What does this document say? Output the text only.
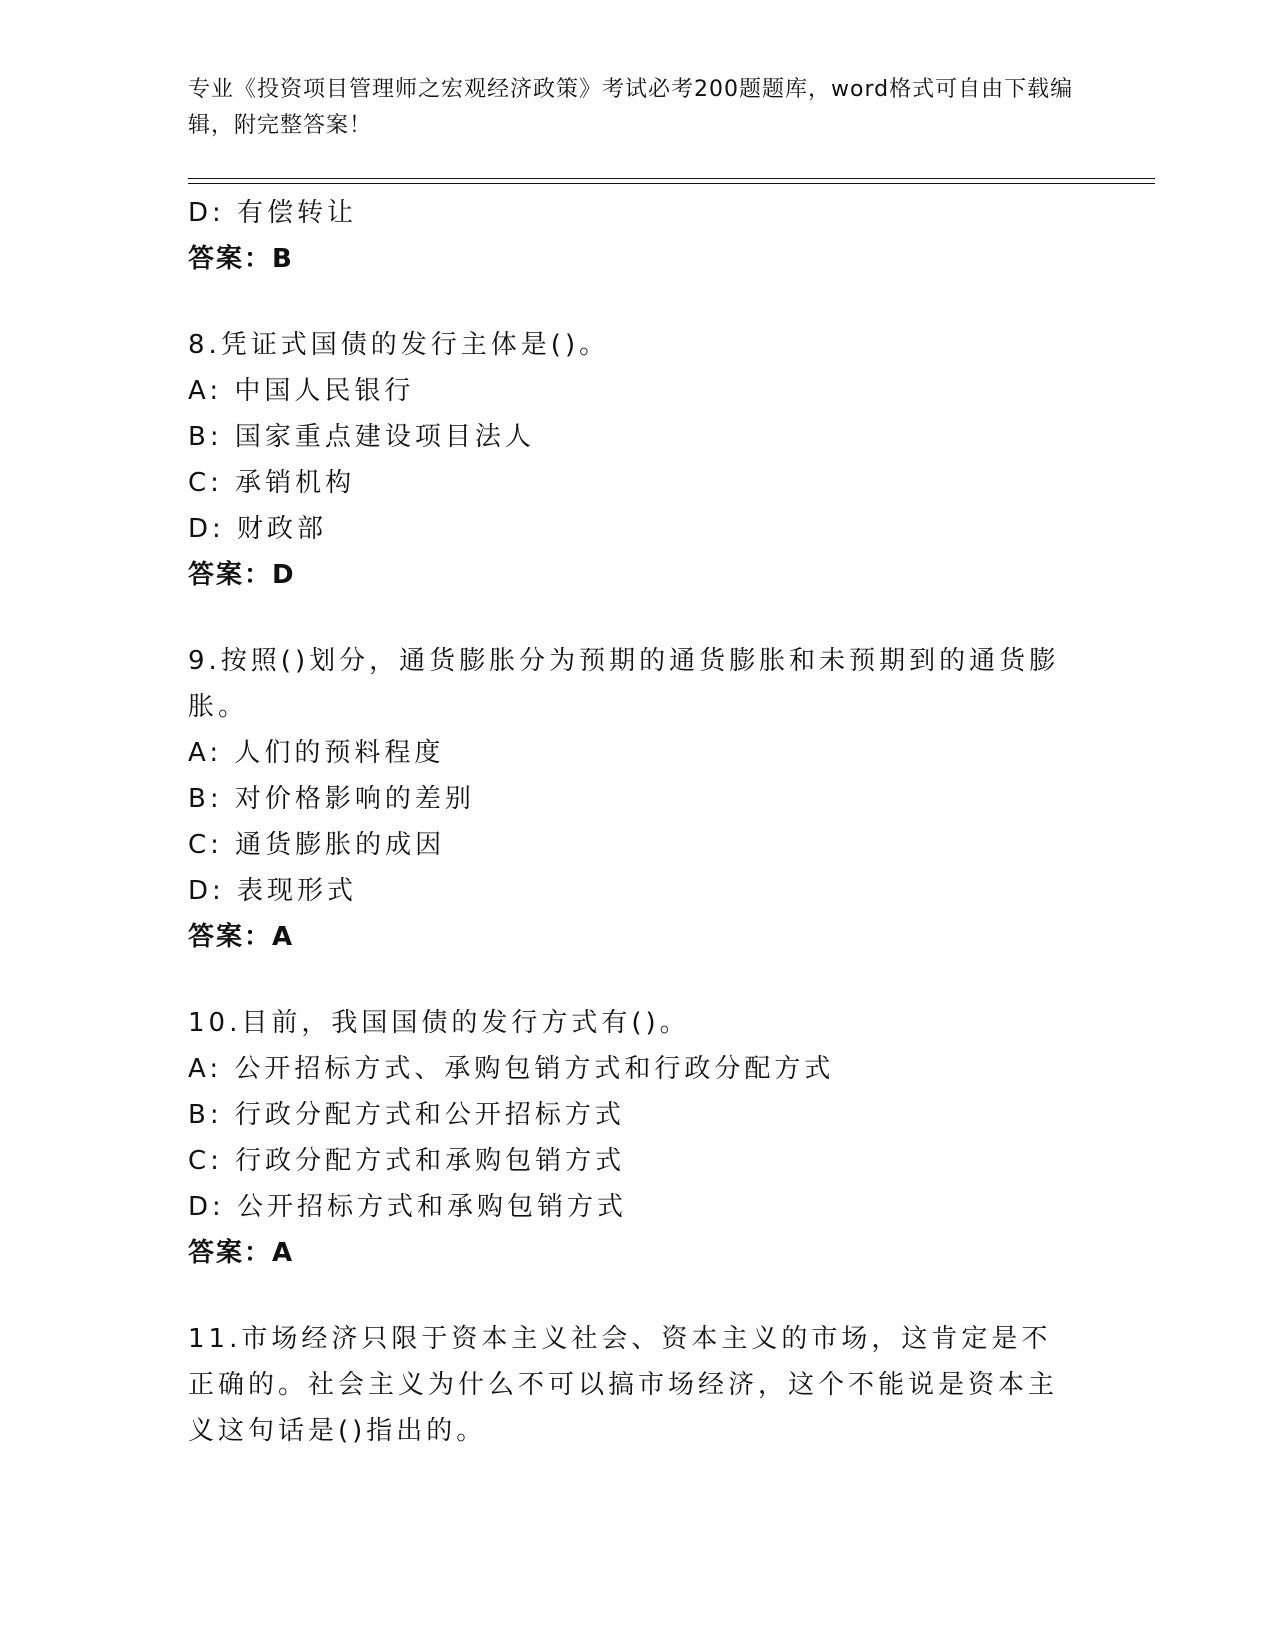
专业《投资项目管理师之宏观经济政策》考试必考200题题库，word格式可自由下载编辑，附完整答案！
D: 有偿转让
答案：B
8.凭证式国债的发行主体是()。
A: 中国人民银行
B: 国家重点建设项目法人
C: 承销机构
D: 财政部
答案：D
9.按照()划分，通货膨胀分为预期的通货膨胀和未预期到的通货膨胀。
A: 人们的预料程度
B: 对价格影响的差别
C: 通货膨胀的成因
D: 表现形式
答案：A
10.目前，我国国债的发行方式有()。
A: 公开招标方式、承购包销方式和行政分配方式
B: 行政分配方式和公开招标方式
C: 行政分配方式和承购包销方式
D: 公开招标方式和承购包销方式
答案：A
11.市场经济只限于资本主义社会、资本主义的市场，这肯定是不正确的。社会主义为什么不可以搞市场经济，这个不能说是资本主义这句话是()指出的。
